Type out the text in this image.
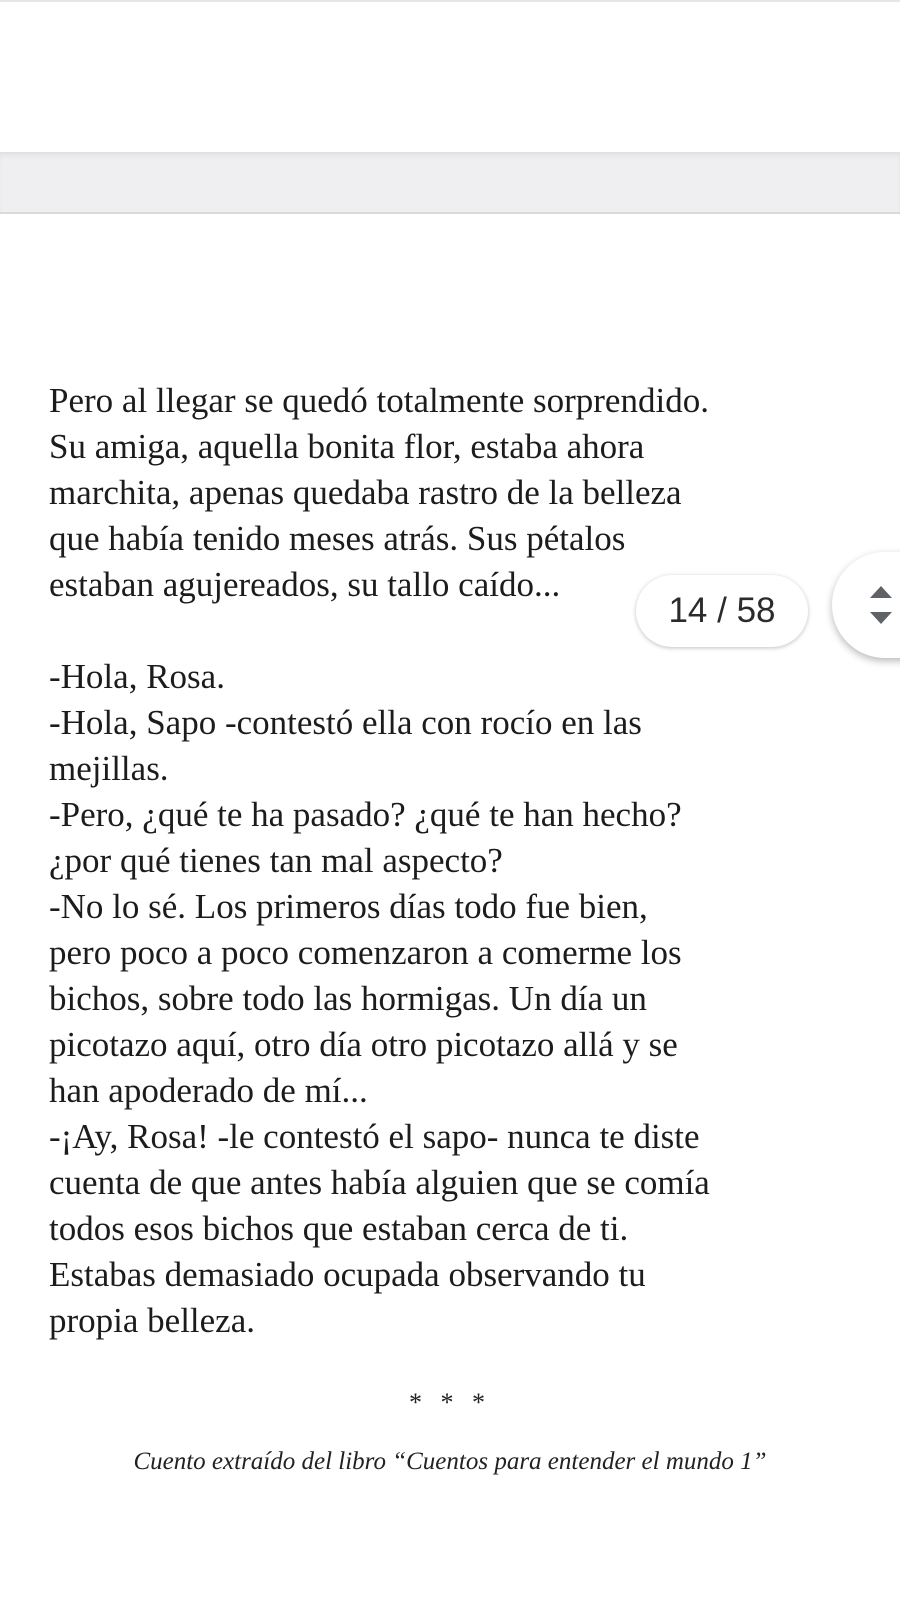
Pero al llegar se quedó totalmente sorprendido.
Su amiga, aquella bonita flor, estaba ahora
marchita, apenas quedaba rastro de la belleza
que había tenido meses atrás. Sus pétalos
estaban agujereados, su tallo caído...
-Hola, Rosa.
-Hola, Sapo -contestó ella con rocío en las
mejillas.
-Pero, ¿qué te ha pasado? ¿qué te han hecho?
¿por qué tienes tan mal aspecto?
-No lo sé. Los primeros días todo fue bien,
pero poco a poco comenzaron a comerme los
bichos, sobre todo las hormigas. Un día un
picotazo aquí, otro día otro picotazo allá y se
han apoderado de mí...
-¡Ay, Rosa! -le contestó el sapo- nunca te diste
cuenta de que antes había alguien que se comía
todos esos bichos que estaban cerca de ti.
Estabas demasiado ocupada observando tu
propia belleza.
* * *
Cuento extraído del libro “Cuentos para entender el mundo 1”
14 / 58
